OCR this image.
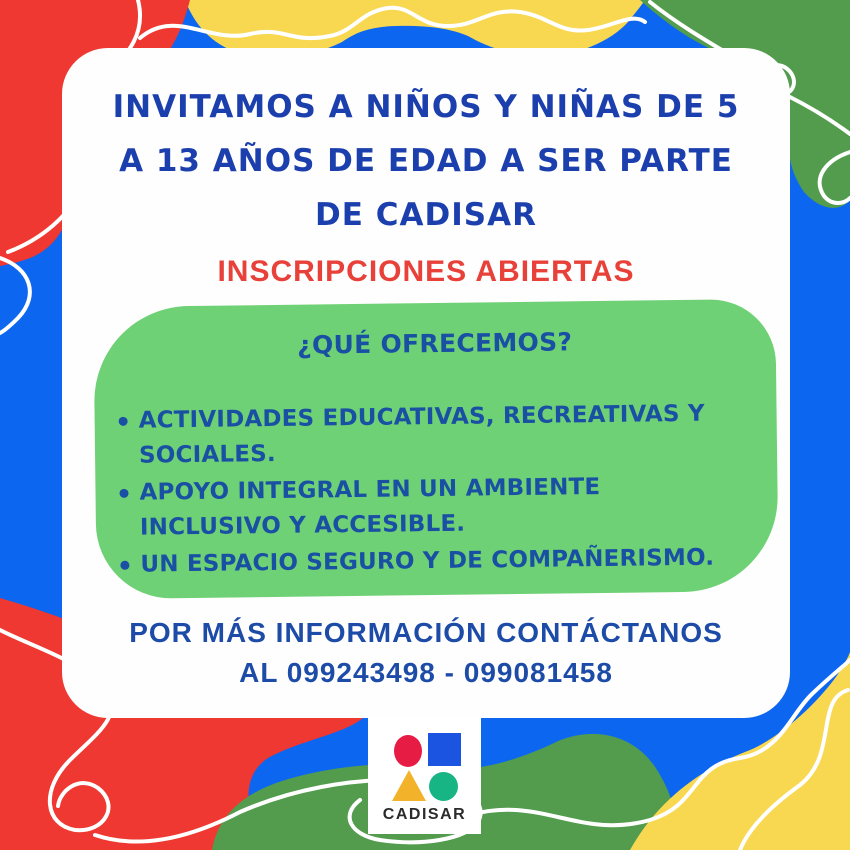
INVITAMOS A NIÑOS Y NIÑAS DE 5
A 13 AÑOS DE EDAD A SER PARTE
DE CADISAR
INSCRIPCIONES ABIERTAS
¿QUÉ OFRECEMOS?
ACTIVIDADES EDUCATIVAS, RECREATIVAS Y SOCIALES.
APOYO INTEGRAL EN UN AMBIENTE INCLUSIVO Y ACCESIBLE.
UN ESPACIO SEGURO Y DE COMPAÑERISMO.
POR MÁS INFORMACIÓN CONTÁCTANOS
AL 099243498 - 099081458
CADISAR
